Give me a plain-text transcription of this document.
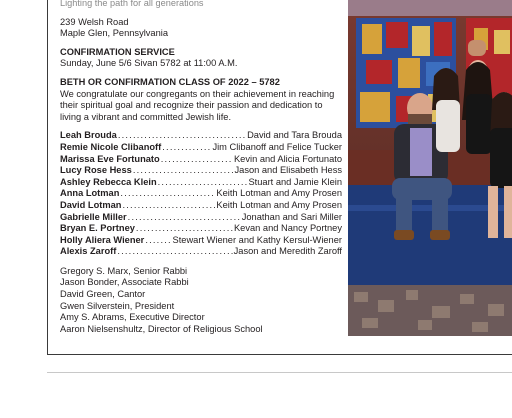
Lighting the path for all generations
239 Welsh Road
Maple Glen, Pennsylvania
CONFIRMATION SERVICE
Sunday, June 5/6 Sivan 5782 at 11:00 A.M.
BETH OR CONFIRMATION CLASS OF 2022 – 5782
We congratulate our congregants on their achievement in reaching their spiritual goal and recognize their passion and dedication to living a vibrant and committed Jewish life.
Leah Brouda .....	David and Tara Brouda
Remie Nicole Clibanoff .....	Jim Clibanoff and Felice Tucker
Marissa Eve Fortunato .....	Kevin and Alicia Fortunato
Lucy Rose Hess .....	Jason and Elisabeth Hess
Ashley Rebecca Klein .....	Stuart and Jamie Klein
Anna Lotman .....	Keith Lotman and Amy Prosen
David Lotman .....	Keith Lotman and Amy Prosen
Gabrielle Miller .....	Jonathan and Sari Miller
Bryan E. Portney .....	Kevan and Nancy Portney
Holly Aliera Wiener .....	Stewart Wiener and Kathy Kersul-Wiener
Alexis Zaroff .....	Jason and Meredith Zaroff
Gregory S. Marx, Senior Rabbi
Jason Bonder, Associate Rabbi
David Green, Cantor
Gwen Silverstein, President
Amy S. Abrams, Executive Director
Aaron Nielsenshultz, Director of Religious School
